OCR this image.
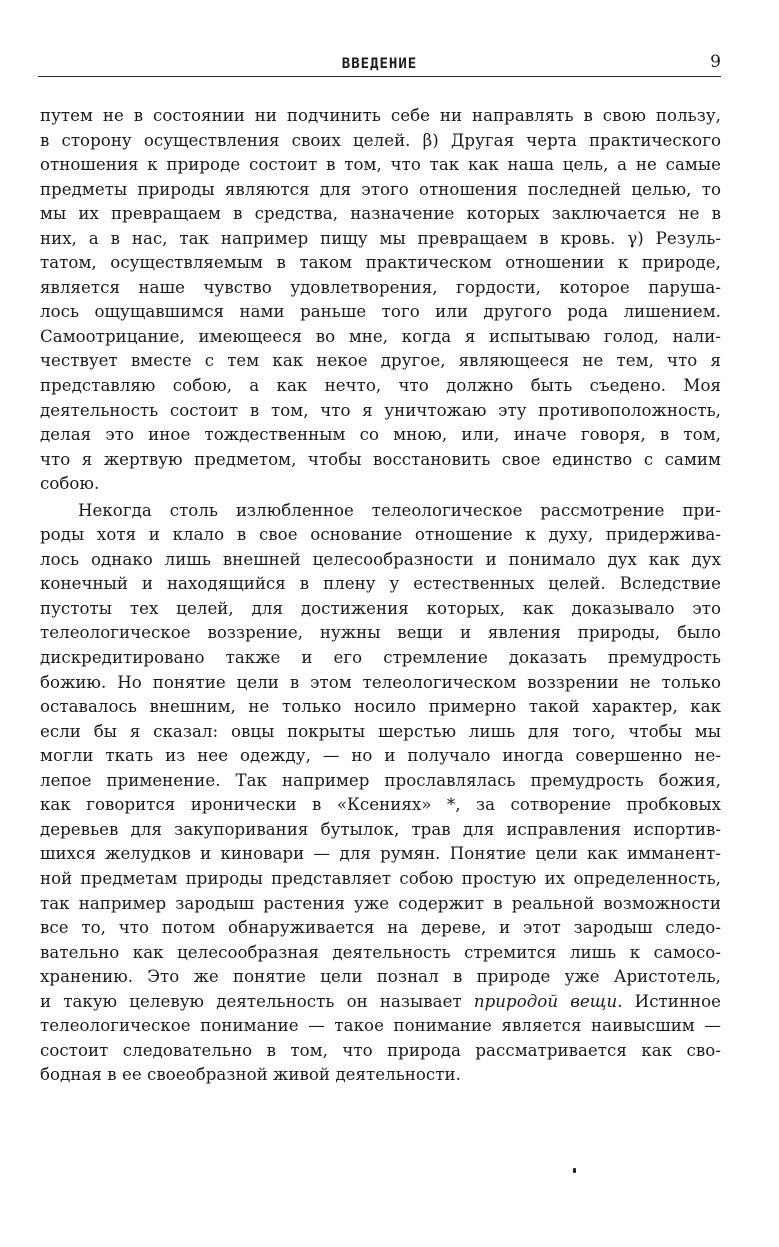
ВВЕДЕНИЕ	9

путем не в состоянии ни подчинить себе ни направлять в свою пользу,
в сторону осуществления своих целей. β) Другая черта практического
отношения к природе состоит в том, что так как наша цель, а не самые
предметы природы являются для этого отношения последней целью, то
мы их превращаем в средства, назначение которых заключается не в
них, а в нас, так например пищу мы превращаем в кровь. γ) Резуль-
татом, осуществляемым в таком практическом отношении к природе,
является наше чувство удовлетворения, гордости, которое парушa-
лось ощущавшимся нами раньше того или другого рода лишением.
Самоотрицание, имеющееся во мне, когда я испытываю голод, нали-
чествует вместе с тем как некое другое, являющееся не тем, что я
представляю собою, а как нечто, что должно быть съедено. Моя
деятельность состоит в том, что я уничтожаю эту противоположность,
делая это иное тождественным со мною, или, иначе говоря, в том,
что я жертвую предметом, чтобы восстановить свое единство с самим
собою.

Некогда столь излюбленное телеологическое рассмотрение при-
роды хотя и клало в свое основание отношение к духу, придержива-
лось однако лишь внешней целесообразности и понимало дух как дух
конечный и находящийся в плену у естественных целей. Вследствие
пустоты тех целей, для достижения которых, как доказывало это
телеологическое воззрение, нужны вещи и явления природы, было
дискредитировано также и его стремление доказать премудрость
божию. Но понятие цели в этом телеологическом воззрении не только
оставалось внешним, не только носило примерно такой характер, как
если бы я сказал: овцы покрыты шерстью лишь для того, чтобы мы
могли ткать из нее одежду, — но и получало иногда совершенно не-
лепое применение. Так например прославлялась премудрость божия,
как говорится иронически в «Ксениях» *, за сотворение пробковых
деревьев для закупоривания бутылок, трав для исправления испортив-
шихся желудков и киновари — для румян. Понятие цели как имманент-
ной предметам природы представляет собою простую их определенность,
так например зародыш растения уже содержит в реальной возможности
все то, что потом обнаруживается на дереве, и этот зародыш следо-
вательно как целесообразная деятельность стремится лишь к самосо-
хранению. Это же понятие цели познал в природе уже Аристотель,
и такую целевую деятельность он называет природой вещи. Истинное
телеологическое понимание — такое понимание является наивысшим —
состоит следовательно в том, что природа рассматривается как сво-
бодная в ее своеобразной живой деятельности.
